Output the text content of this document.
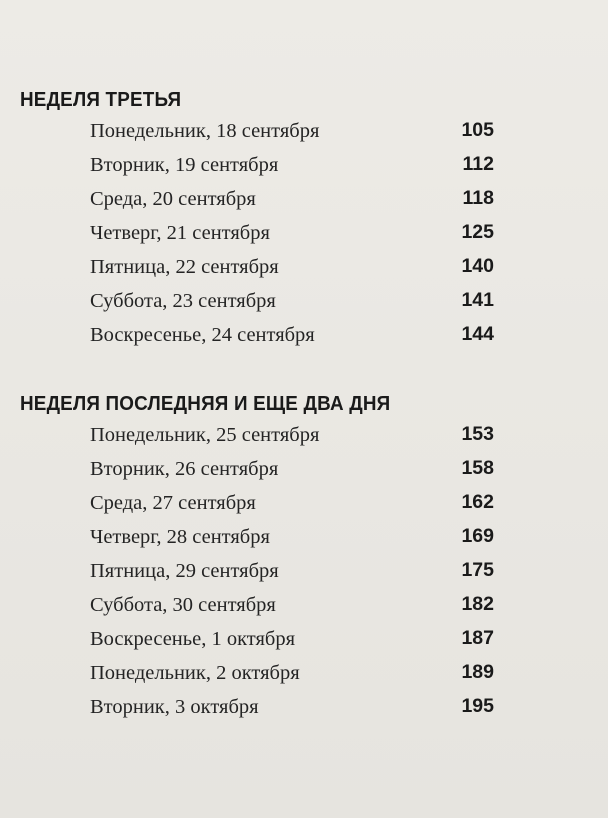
НЕДЕЛЯ ТРЕТЬЯ
Понедельник, 18 сентября	105
Вторник, 19 сентября	112
Среда, 20 сентября	118
Четверг, 21 сентября	125
Пятница, 22 сентября	140
Суббота, 23 сентября	141
Воскресенье, 24 сентября	144
НЕДЕЛЯ ПОСЛЕДНЯЯ И ЕЩЕ ДВА ДНЯ
Понедельник, 25 сентября	153
Вторник, 26 сентября	158
Среда, 27 сентября	162
Четверг, 28 сентября	169
Пятница, 29 сентября	175
Суббота, 30 сентября	182
Воскресенье, 1 октября	187
Понедельник, 2 октября	189
Вторник, 3 октября	195
